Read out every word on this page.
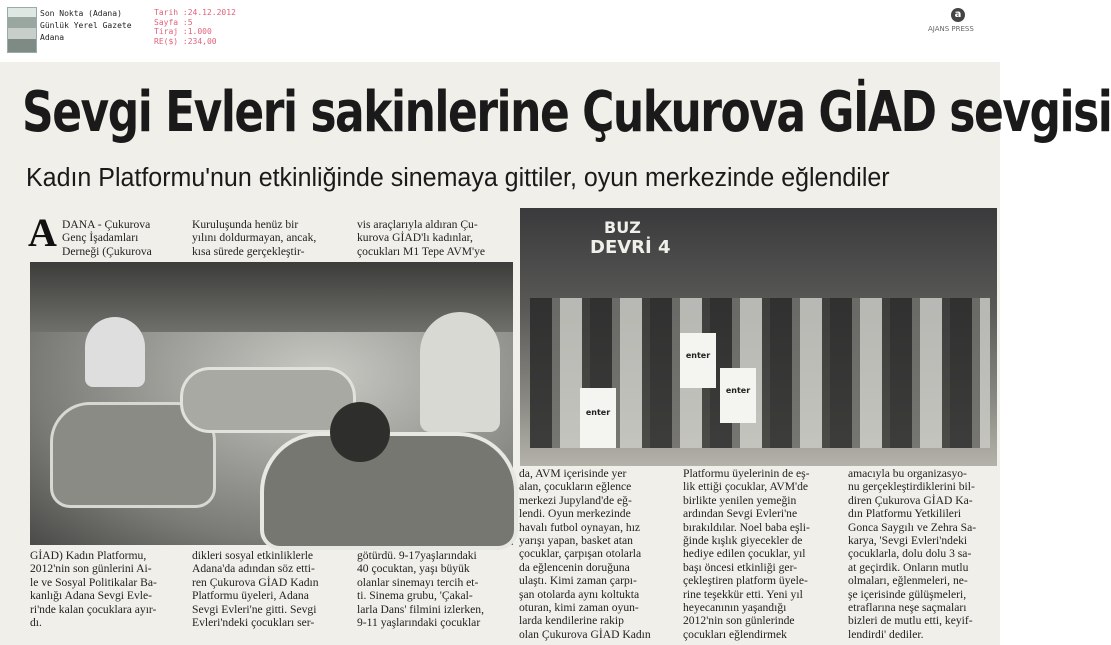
Son Nokta (Adana)
Günlük Yerel Gazete
Adana
Tarih :24.12.2012
Sayfa :5
Tiraj :1.000
RE($) :234,00
a
AJANS PRESS
Sevgi Evleri sakinlerine Çukurova GİAD sevgisi
Kadın Platformu'nun etkinliğinde sinemaya gittiler, oyun merkezinde eğlendiler
A DANA - Çukurova
Genç İşadamları
Derneği (Çukurova
Kuruluşunda henüz bir
yılını doldurmayan, ancak,
kısa sürede gerçekleştir-
vis araçlarıyla aldıran Çu-
kurova GİAD'lı kadınlar,
çocukları M1 Tepe AVM'ye
BUZ
DEVRİ 4
enter
enter
enter
GİAD) Kadın Platformu,
2012'nin son günlerini Ai-
le ve Sosyal Politikalar Ba-
kanlığı Adana Sevgi Evle-
ri'nde kalan çocuklara ayır-
dı.
dikleri sosyal etkinliklerle
Adana'da adından söz etti-
ren Çukurova GİAD Kadın
Platformu üyeleri, Adana
Sevgi Evleri'ne gitti. Sevgi
Evleri'ndeki çocukları ser-
götürdü. 9-17yaşlarındaki
40 çocuktan, yaşı büyük
olanlar sinemayı tercih et-
ti. Sinema grubu, 'Çakal-
larla Dans' filmini izlerken,
9-11 yaşlarındaki çocuklar
da, AVM içerisinde yer
alan, çocukların eğlence
merkezi Jupyland'de eğ-
lendi. Oyun merkezinde
havalı futbol oynayan, hız
yarışı yapan, basket atan
çocuklar, çarpışan otolarla
da eğlencenin doruğuna
ulaştı. Kimi zaman çarpı-
şan otolarda aynı koltukta
oturan, kimi zaman oyun-
larda kendilerine rakip
olan Çukurova GİAD Kadın
Platformu üyelerinin de eş-
lik ettiği çocuklar, AVM'de
birlikte yenilen yemeğin
ardından Sevgi Evleri'ne
bırakıldılar. Noel baba eşli-
ğinde kışlık giyecekler de
hediye edilen çocuklar, yıl
başı öncesi etkinliği ger-
çekleştiren platform üyele-
rine teşekkür etti. Yeni yıl
heyecanının yaşandığı
2012'nin son günlerinde
çocukları eğlendirmek
amacıyla bu organizasyo-
nu gerçekleştirdiklerini bil-
diren Çukurova GİAD Ka-
dın Platformu Yetkilileri
Gonca Saygılı ve Zehra Sa-
karya, 'Sevgi Evleri'ndeki
çocuklarla, dolu dolu 3 sa-
at geçirdik. Onların mutlu
olmaları, eğlenmeleri, ne-
şe içerisinde gülüşmeleri,
etraflarına neşe saçmaları
bizleri de mutlu etti, keyif-
lendirdi' dediler.
